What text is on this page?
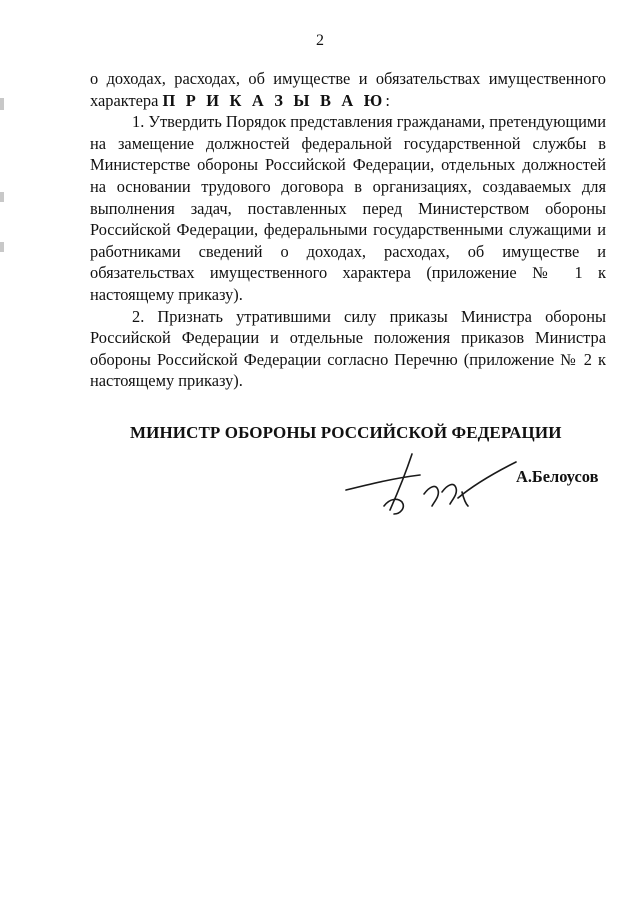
2

о доходах, расходах, об имуществе и обязательствах имущественного

характера П Р И К А З Ы В А Ю:

1. Утвердить Порядок представления гражданами, претендующими на замещение должностей федеральной государственной службы в Министерстве обороны Российской Федерации, отдельных должностей на основании трудового договора в организациях, создаваемых для выполнения задач, поставленных перед Министерством обороны Российской Федерации, федеральными государственными служащими и работниками сведений о доходах, расходах, об имуществе и обязательствах имущественного характера (приложение № 1 к настоящему приказу).

2. Признать утратившими силу приказы Министра обороны Российской Федерации и отдельные положения приказов Министра обороны Российской Федерации согласно Перечню (приложение № 2 к настоящему приказу).

МИНИСТР ОБОРОНЫ РОССИЙСКОЙ ФЕДЕРАЦИИ
А.Белоусов
